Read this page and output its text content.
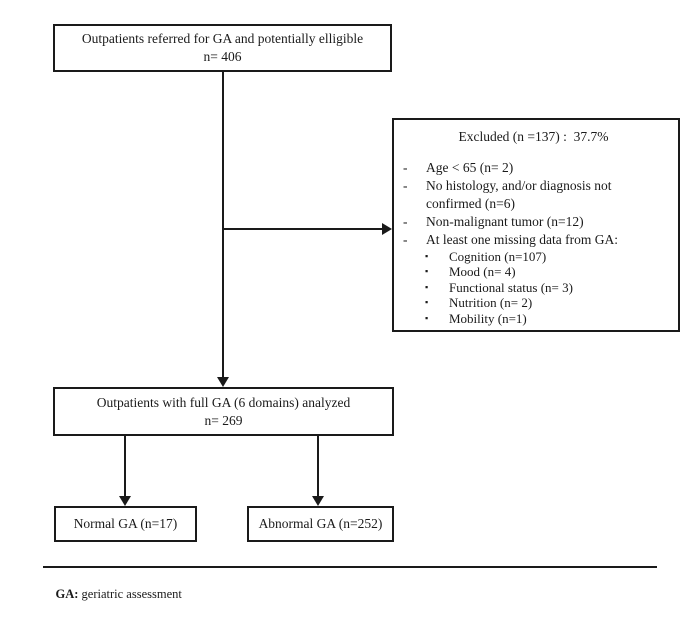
Outpatients referred for GA and potentially elligible
n= 406
Excluded (n =137) :  37.7%
-	Age < 65 (n= 2)
-	No histology, and/or diagnosis not confirmed (n=6)
-	Non-malignant tumor (n=12)
-	At least one missing data from GA:
▪	Cognition (n=107)
▪	Mood (n= 4)
▪	Functional status (n= 3)
▪	Nutrition (n= 2)
▪	Mobility (n=1)
Outpatients with full GA (6 domains) analyzed
n= 269
Normal GA (n=17)	Abnormal GA (n=252)

GA: geriatric assessment
